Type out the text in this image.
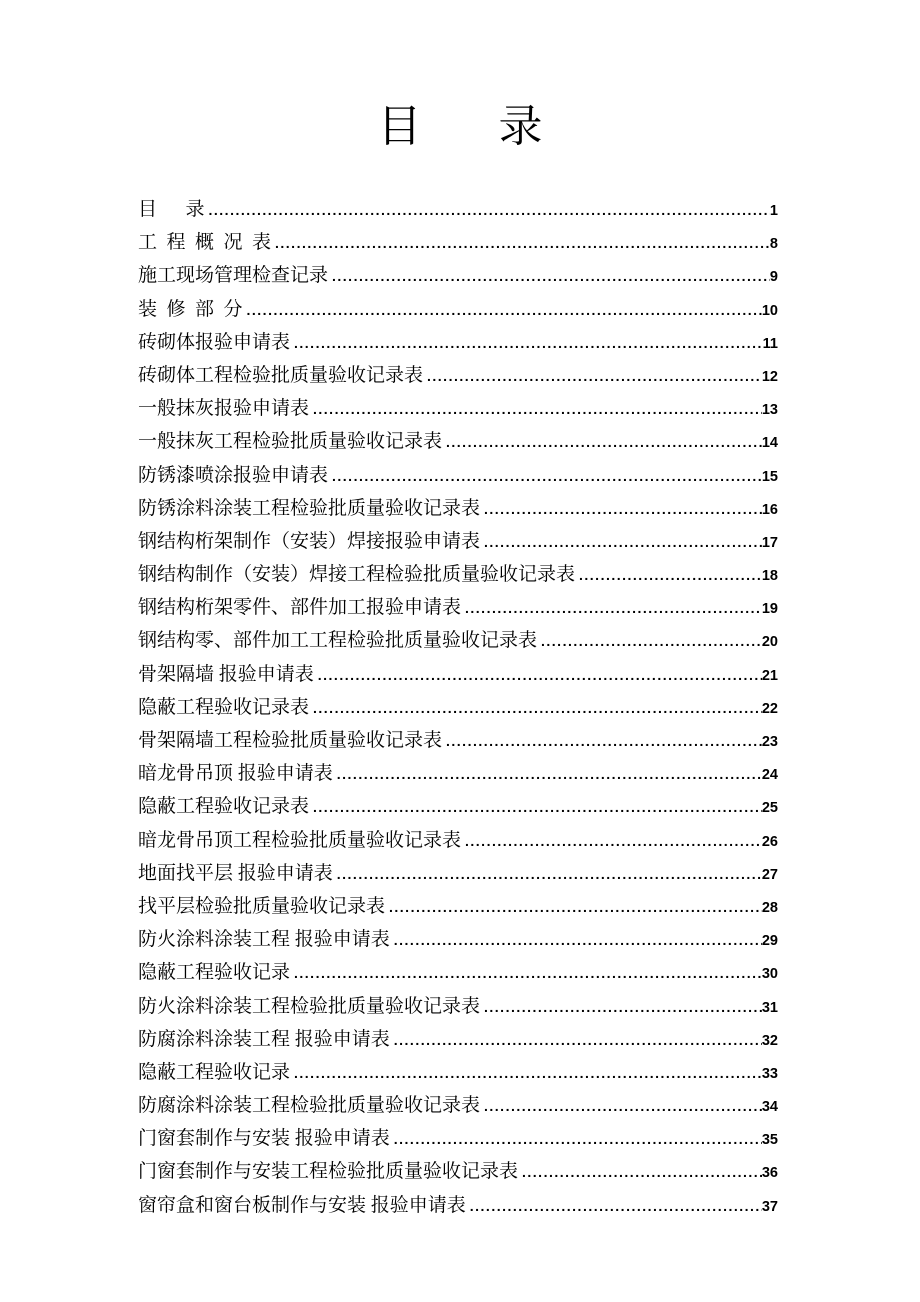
目       录
目      录 .....	1
工  程  概  况  表 .....	8
施工现场管理检查记录 .....	9
装  修  部  分 .....	10
砖砌体报验申请表 .....	11
砖砌体工程检验批质量验收记录表 .....	12
一般抹灰报验申请表 .....	13
一般抹灰工程检验批质量验收记录表 .....	14
防锈漆喷涂报验申请表 .....	15
防锈涂料涂装工程检验批质量验收记录表 .....	16
钢结构桁架制作（安装）焊接报验申请表 .....	17
钢结构制作（安装）焊接工程检验批质量验收记录表 .....	18
钢结构桁架零件、部件加工报验申请表 .....	19
钢结构零、部件加工工程检验批质量验收记录表 .....	20
骨架隔墙 报验申请表 .....	21
隐蔽工程验收记录表 .....	22
骨架隔墙工程检验批质量验收记录表 .....	23
暗龙骨吊顶 报验申请表 .....	24
隐蔽工程验收记录表 .....	25
暗龙骨吊顶工程检验批质量验收记录表 .....	26
地面找平层 报验申请表 .....	27
找平层检验批质量验收记录表 .....	28
防火涂料涂装工程 报验申请表 .....	29
隐蔽工程验收记录 .....	30
防火涂料涂装工程检验批质量验收记录表 .....	31
防腐涂料涂装工程 报验申请表 .....	32
隐蔽工程验收记录 .....	33
防腐涂料涂装工程检验批质量验收记录表 .....	34
门窗套制作与安装 报验申请表 .....	35
门窗套制作与安装工程检验批质量验收记录表 .....	36
窗帘盒和窗台板制作与安装 报验申请表 .....	37
